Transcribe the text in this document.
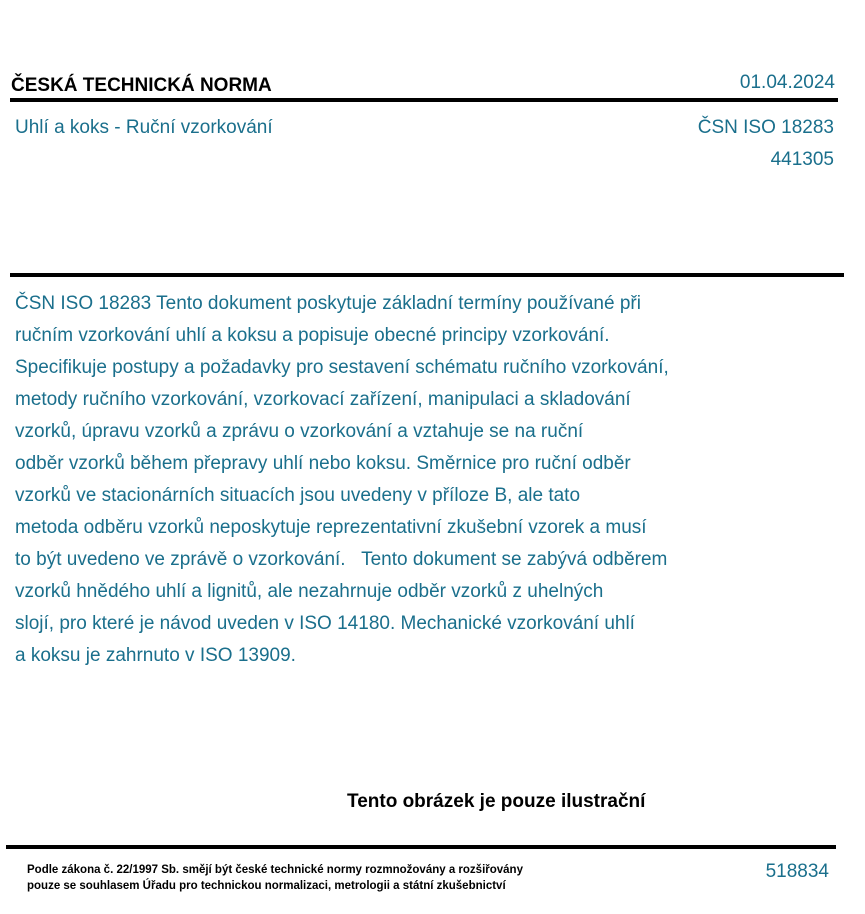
ČESKÁ TECHNICKÁ NORMA	01.04.2024
Uhlí a koks - Ruční vzorkování	ČSN ISO 18283
441305
ČSN ISO 18283 Tento dokument poskytuje základní termíny používané při
ručním vzorkování uhlí a koksu a popisuje obecné principy vzorkování.
Specifikuje postupy a požadavky pro sestavení schématu ručního vzorkování,
metody ručního vzorkování, vzorkovací zařízení, manipulaci a skladování
vzorků, úpravu vzorků a zprávu o vzorkování a vztahuje se na ruční
odběr vzorků během přepravy uhlí nebo koksu. Směrnice pro ruční odběr
vzorků ve stacionárních situacích jsou uvedeny v příloze B, ale tato
metoda odběru vzorků neposkytuje reprezentativní zkušební vzorek a musí
to být uvedeno ve zprávě o vzorkování.   Tento dokument se zabývá odběrem
vzorků hnědého uhlí a lignitů, ale nezahrnuje odběr vzorků z uhelných
slojí, pro které je návod uveden v ISO 14180. Mechanické vzorkování uhlí
a koksu je zahrnuto v ISO 13909.
Tento obrázek je pouze ilustrační
Podle zákona č. 22/1997 Sb. smějí být české technické normy rozmnožovány a rozšiřovány
pouze se souhlasem Úřadu pro technickou normalizaci, metrologii a státní zkušebnictví
518834
